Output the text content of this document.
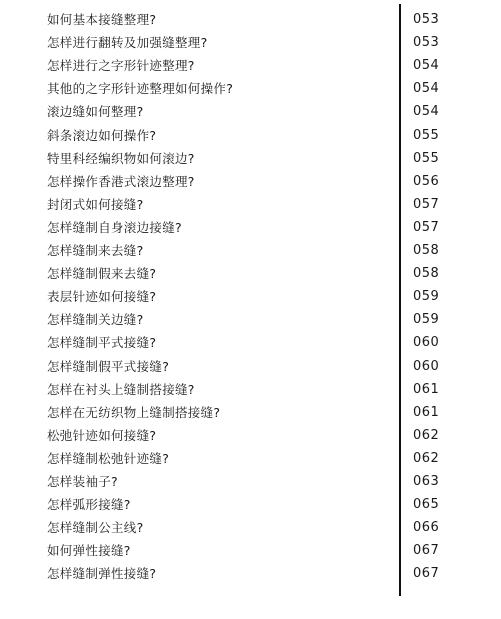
如何基本接缝整理?	053
怎样进行翻转及加强缝整理?	053
怎样进行之字形针迹整理?	054
其他的之字形针迹整理如何操作?	054
滚边缝如何整理?	054
斜条滚边如何操作?	055
特里科经编织物如何滚边?	055
怎样操作香港式滚边整理?	056
封闭式如何接缝?	057
怎样缝制自身滚边接缝?	057
怎样缝制来去缝?	058
怎样缝制假来去缝?	058
表层针迹如何接缝?	059
怎样缝制关边缝?	059
怎样缝制平式接缝?	060
怎样缝制假平式接缝?	060
怎样在衬头上缝制搭接缝?	061
怎样在无纺织物上缝制搭接缝?	061
松弛针迹如何接缝?	062
怎样缝制松弛针迹缝?	062
怎样装袖子?	063
怎样弧形接缝?	065
怎样缝制公主线?	066
如何弹性接缝?	067
怎样缝制弹性接缝?	067
